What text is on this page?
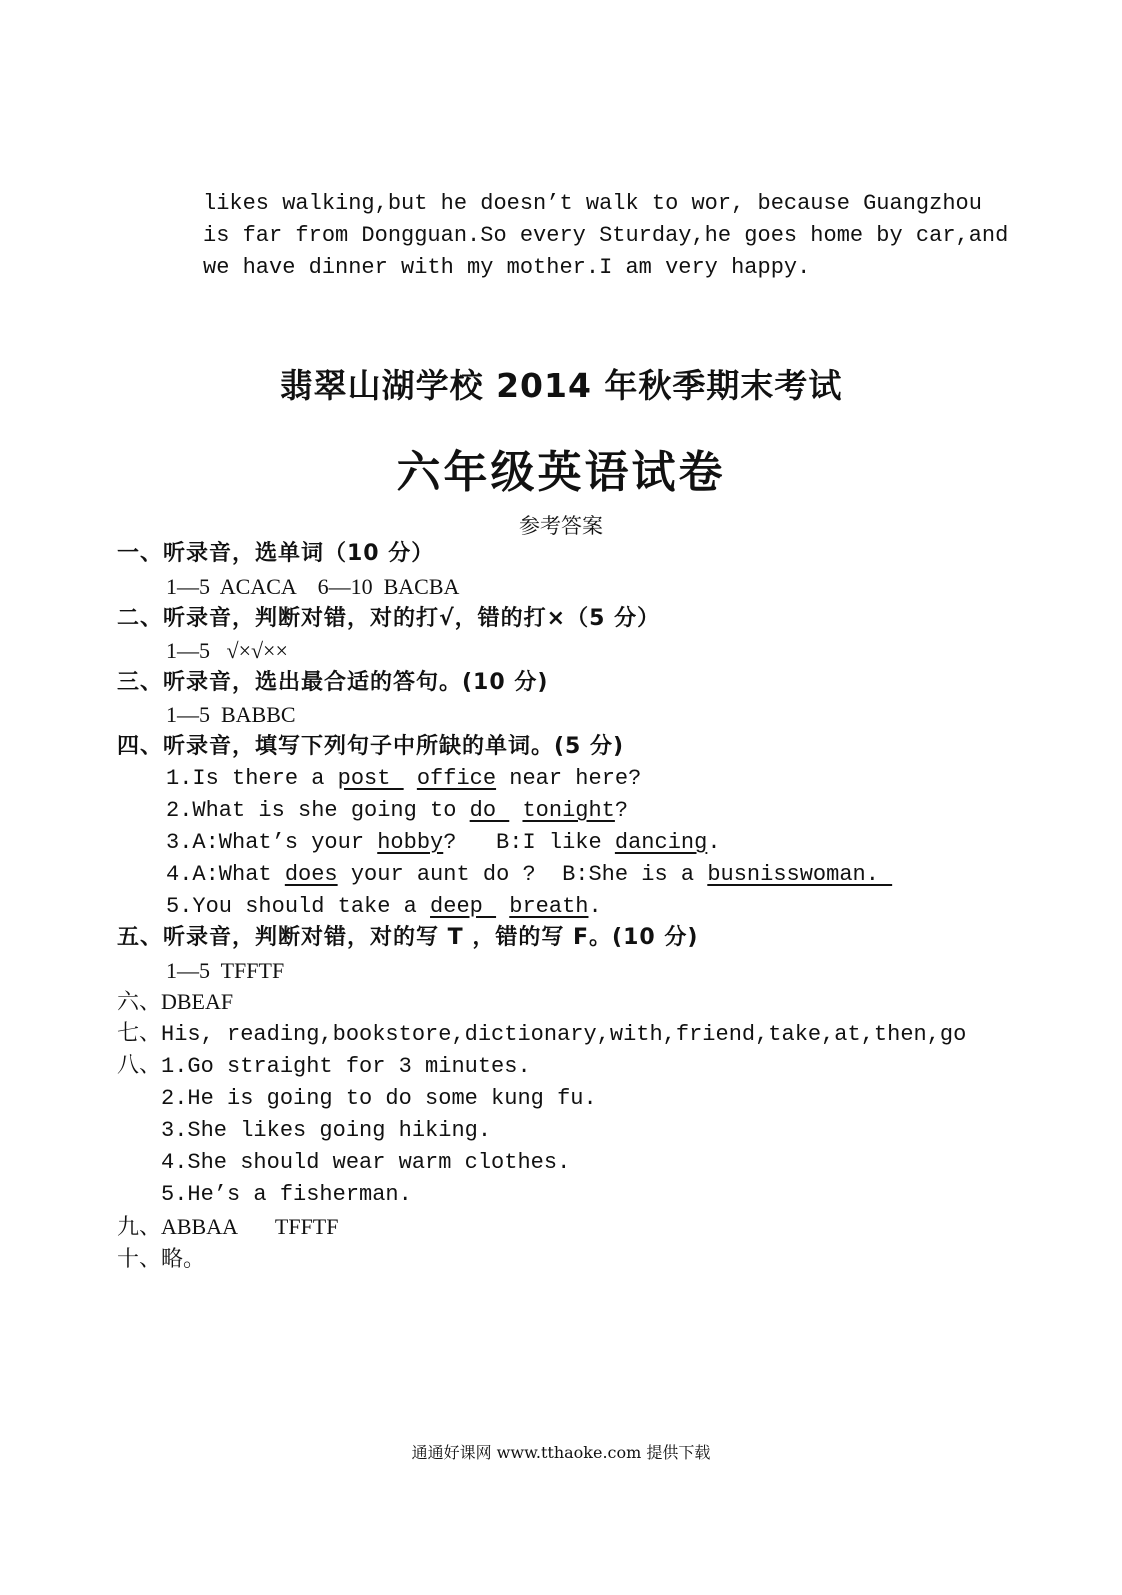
likes walking,but he doesn’t walk to wor, because Guangzhou
is far from Dongguan.So every Sturday,he goes home by car,and
we have dinner with my mother.I am very happy.
翡翠山湖学校 2014 年秋季期末考试
六年级英语试卷
参考答案
一、听录音，选单词（10 分）
1—5  ACACA    6—10  BACBA
二、听录音，判断对错，对的打√，错的打×（5 分）
1—5   √×√××
三、听录音，选出最合适的答句。(10 分)
1—5  BABBC
四、听录音，填写下列句子中所缺的单词。(5 分)
1.Is there a post  office near here?
2.What is she going to do  tonight?
3.A:What’s your hobby?   B:I like dancing.
4.A:What does your aunt do ?  B:She is a busnisswoman.
5.You should take a deep  breath.
五、听录音，判断对错，对的写 T ，错的写 F。(10 分)
1—5  TFFTF
六、DBEAF
七、His, reading,bookstore,dictionary,with,friend,take,at,then,go
八、1.Go straight for 3 minutes.
2.He is going to do some kung fu.
3.She likes going hiking.
4.She should wear warm clothes.
5.He’s a fisherman.
九、ABBAA       TFFTF
十、略。
通通好课网 www.tthaoke.com 提供下载
